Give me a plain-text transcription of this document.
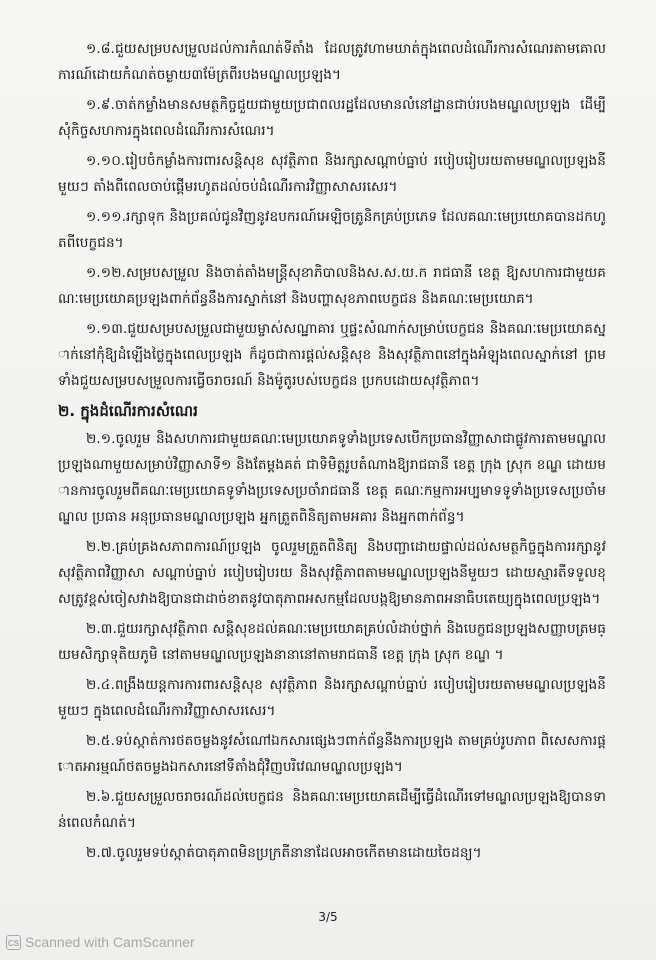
១.៨.ជួយសម្របសម្រួលដល់ការកំណត់ទីតាំង ដែលត្រូវហាមឃាត់ក្នុងពេលដំណើរការសំណេរតាមគោលការណ៍ដោយកំណត់ចម្ងាយ៣ម៉ែត្រពីរបងមណ្ឌលប្រឡង។

១.៩.ចាត់កម្លាំងមានសមត្ថកិច្ចជួយជាមួយប្រជាពលរដ្ឋដែលមានលំនៅដ្ឋានជាប់របងមណ្ឌលប្រឡង ដើម្បីសុំកិច្ចសហការក្នុងពេលដំណើរការសំណេរ។

១.១០.រៀបចំកម្លាំងការពារសន្តិសុខ សុវត្ថិភាព និងរក្សាសណ្តាប់ធ្នាប់ របៀបរៀបរយតាមមណ្ឌលប្រឡងនីមួយៗ តាំងពីពេលចាប់ផ្តើមរហូតដល់ចប់ដំណើរការវិញ្ញាសាសរសេរ។

១.១១.រក្សាទុក និងប្រគល់ជូនវិញនូវឧបករណ៍អេឡិចត្រូនិកគ្រប់ប្រភេទ ដែលគណៈមេប្រយោគបានដកហូតពីបេក្ខជន។

១.១២.សម្របសម្រួល និងចាត់តាំងមន្ត្រីសុខាភិបាលនិងស.ស.យ.ក រាជធានី ខេត្ត ឱ្យសហការជាមួយគណៈមេប្រយោគប្រឡងពាក់ព័ន្ធនឹងការស្នាក់នៅ និងបញ្ហាសុខភាពបេក្ខជន និងគណៈមេប្រយោគ។

១.១៣.ជួយសម្របសម្រួលជាមួយម្ចាស់សណ្ឋាគារ ឬផ្ទះសំណាក់សម្រាប់បេក្ខជន និងគណៈមេប្រយោគស្នាក់នៅកុំឱ្យដំឡើងថ្លៃក្នុងពេលប្រឡង ក៏ដូចជាការផ្តល់សន្តិសុខ និងសុវត្ថិភាពនៅក្នុងអំឡុងពេលស្នាក់នៅ ព្រមទាំងជួយសម្របសម្រួលការធ្វើចរាចរណ៍ និងម៉ូតូរបស់បេក្ខជន ប្រកបដោយសុវត្ថិភាព។

២. ក្នុងដំណើរការសំណេរ

២.១.ចូលរួម និងសហការជាមួយគណៈមេប្រយោគទូទាំងប្រទេសបើកប្រធានវិញ្ញាសាជាផ្លូវការតាមមណ្ឌលប្រឡងណាមួយសម្រាប់វិញ្ញាសាទី១ និងតែម្តងគត់ ជាទិមិត្តរូបតំណាងឱ្យរាជធានី ខេត្ត ក្រុង ស្រុក ខណ្ឌ ដោយមានការចូលរួមពីគណៈមេប្រយោគទូទាំងប្រទេសប្រចាំរាជធានី ខេត្ត គណៈកម្មការអប្បមាទទូទាំងប្រទេសប្រចាំមណ្ឌល ប្រធាន អនុប្រធានមណ្ឌលប្រឡង អ្នកត្រួតពិនិត្យតាមអគារ និងអ្នកពាក់ព័ន្ធ។

២.២.គ្រប់គ្រងសភាពការណ៍ប្រឡង ចូលរួមត្រួតពិនិត្យ និងបញ្ជាដោយផ្ទាល់ដល់សមត្ថកិច្ចក្នុងការរក្សានូវសុវត្ថិភាពវិញ្ញាសា សណ្តាប់ធ្នាប់ របៀបរៀបរយ និងសុវត្ថិភាពតាមមណ្ឌលប្រឡងនីមួយៗ ដោយស្មារតីទទួលខុសត្រូវខ្ពស់ចៀសវាងឱ្យបានជាដាច់ខាតនូវបាតុភាពអសកម្មដែលបង្កឱ្យមានភាពអនាធិបតេយ្យក្នុងពេលប្រឡង។

២.៣.ជួយរក្សាសុវត្ថិភាព សន្តិសុខដល់គណៈមេប្រយោគគ្រប់លំដាប់ថ្នាក់ និងបេក្ខជនប្រឡងសញ្ញាបត្រមធ្យមសិក្សាទុតិយភូមិ នៅតាមមណ្ឌលប្រឡងនានានៅតាមរាជធានី ខេត្ត ក្រុង ស្រុក ខណ្ឌ ។

២.៤.ពង្រឹងយន្តការការពារសន្តិសុខ សុវត្ថិភាព និងរក្សាសណ្តាប់ធ្នាប់ របៀបរៀបរយតាមមណ្ឌលប្រឡងនីមួយៗ ក្នុងពេលដំណើរការវិញ្ញាសាសរសេរ។

២.៥.ទប់ស្កាត់ការថតចម្លងនូវសំណៅឯកសារផ្សេងៗពាក់ព័ន្ធនឹងការប្រឡង តាមគ្រប់រូបភាព ពិសេសការផ្តោតអារម្មណ៍ថតចម្លងឯកសារនៅទីតាំងជុំវិញបរិវេណមណ្ឌលប្រឡង។

២.៦.ជួយសម្រួលចរាចរណ៍ដល់បេក្ខជន និងគណៈមេប្រយោគដើម្បីធ្វើដំណើរទៅមណ្ឌលប្រឡងឱ្យបានទាន់ពេលកំណត់។

២.៧.ចូលរួមទប់ស្កាត់បាតុភាពមិនប្រក្រតីនានាដែលអាចកើតមានដោយចៃដន្យ។

3/5
CS Scanned with CamScanner
